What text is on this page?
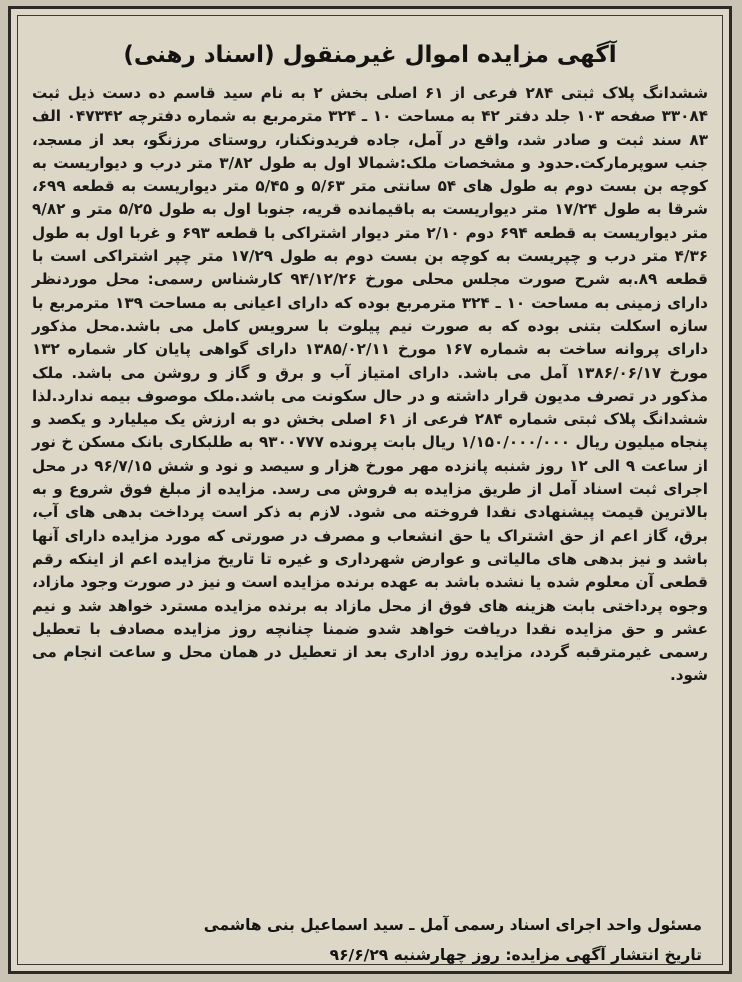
آگهی مزایده اموال غیرمنقول (اسناد رهنی)

ششدانگ پلاک ثبتی ۲۸۴ فرعی از ۶۱ اصلی بخش ۲ به نام سید قاسم ده دست ذیل ثبت ۳۳۰۸۴ صفحه ۱۰۳ جلد دفتر ۴۲ به مساحت ۱۰ ـ ۳۲۴ مترمربع به شماره دفترچه ۰۴۷۳۴۲ الف ۸۳ سند ثبت و صادر شد، واقع در آمل، جاده فریدونکنار، روستای مرزنگو، بعد از مسجد، جنب سوپرمارکت.حدود و مشخصات ملک:شمالا اول به طول ۳/۸۲ متر درب و دیواریست به کوچه بن بست دوم به طول های ۵۴ سانتی متر ۵/۶۳ و ۵/۴۵ متر دیواریست به قطعه ۶۹۹، شرقا به طول ۱۷/۲۴ متر دیواریست به باقیمانده قریه، جنوبا اول به طول ۵/۲۵ متر و ۹/۸۲ متر دیواریست به قطعه ۶۹۴ دوم ۲/۱۰ متر دیوار اشتراکی با قطعه ۶۹۳ و غربا اول به طول ۴/۳۶ متر درب و چپریست به کوچه بن بست دوم به طول ۱۷/۲۹ متر چپر اشتراکی است با قطعه ۸۹.به شرح صورت مجلس محلی مورخ ۹۴/۱۲/۲۶ کارشناس رسمی: محل موردنظر دارای زمینی به مساحت ۱۰ ـ ۳۲۴ مترمربع بوده که دارای اعیانی به مساحت ۱۳۹ مترمربع با سازه اسکلت بتنی بوده که به صورت نیم پیلوت با سرویس کامل می باشد.محل مذکور دارای پروانه ساخت به شماره ۱۶۷ مورخ ۱۳۸۵/۰۲/۱۱ دارای گواهی پایان کار شماره ۱۳۲ مورخ ۱۳۸۶/۰۶/۱۷ آمل می باشد. دارای امتیاز آب و برق و گاز و روشن می باشد. ملک مذکور در تصرف مدیون قرار داشته و در حال سکونت می باشد.ملک موصوف بیمه ندارد.لذا ششدانگ پلاک ثبتی شماره ۲۸۴ فرعی از ۶۱ اصلی بخش دو به ارزش یک میلیارد و یکصد و پنجاه میلیون ریال ۱/۱۵۰/۰۰۰/۰۰۰ ریال بابت پرونده ۹۳۰۰۷۷۷ به طلبکاری بانک مسکن خ نور از ساعت ۹ الی ۱۲ روز شنبه پانزده مهر مورخ هزار و سیصد و نود و شش ۹۶/۷/۱۵ در محل اجرای ثبت اسناد آمل از طریق مزایده به فروش می رسد. مزایده از مبلغ فوق شروع و به بالاترین قیمت پیشنهادی نقدا فروخته می شود. لازم به ذکر است پرداخت بدهی های آب، برق، گاز اعم از حق اشتراک یا حق انشعاب و مصرف در صورتی که مورد مزایده دارای آنها باشد و نیز بدهی های مالیاتی و عوارض شهرداری و غیره تا تاریخ مزایده اعم از اینکه رقم قطعی آن معلوم شده یا نشده باشد به عهده برنده مزایده است و نیز در صورت وجود مازاد، وجوه پرداختی بابت هزینه های فوق از محل مازاد به برنده مزایده مسترد خواهد شد و نیم عشر و حق مزایده نقدا دریافت خواهد شدو ضمنا چنانچه روز مزایده مصادف با تعطیل رسمی غیرمترقبه گردد، مزایده روز اداری بعد از تعطیل در همان محل و ساعت انجام می شود.

مسئول واحد اجرای اسناد رسمی آمل ـ سید اسماعیل بنی هاشمی

تاریخ انتشار آگهی مزایده: روز چهارشنبه ۹۶/۶/۲۹
